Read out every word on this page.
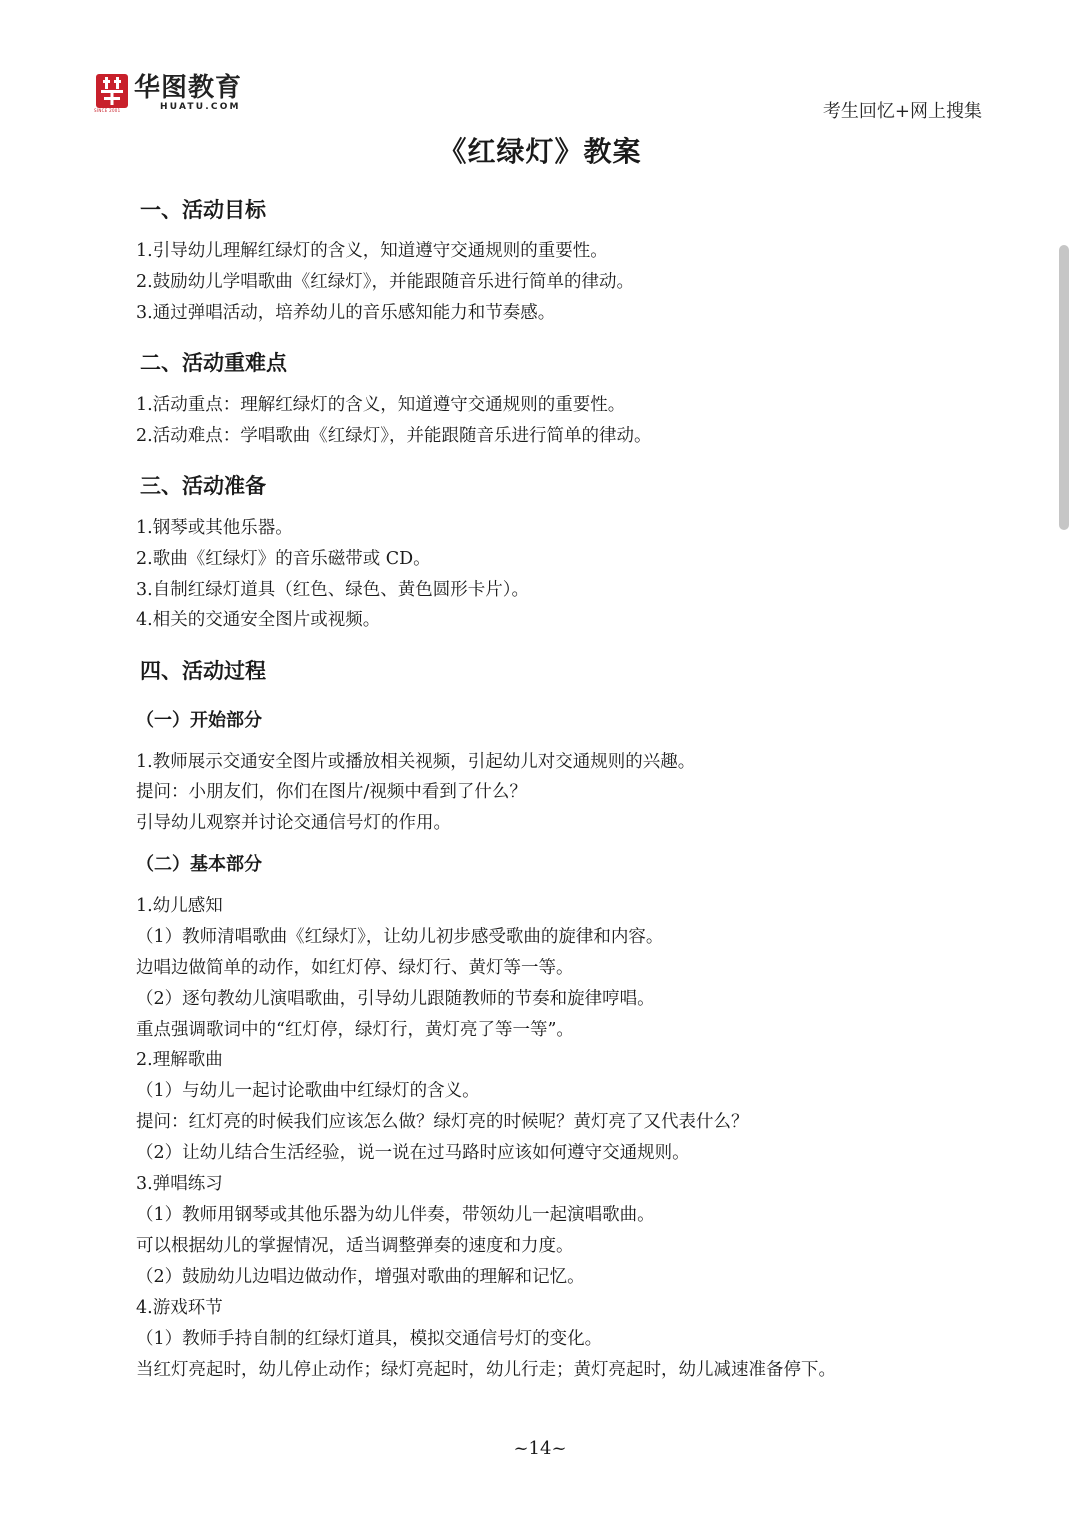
SINCE 2001
华图教育
HUATU.COM	考生回忆+网上搜集
《红绿灯》教案
一、活动目标
1.引导幼儿理解红绿灯的含义，知道遵守交通规则的重要性。
2.鼓励幼儿学唱歌曲《红绿灯》，并能跟随音乐进行简单的律动。
3.通过弹唱活动，培养幼儿的音乐感知能力和节奏感。
二、活动重难点
1.活动重点：理解红绿灯的含义，知道遵守交通规则的重要性。
2.活动难点：学唱歌曲《红绿灯》，并能跟随音乐进行简单的律动。
三、活动准备
1.钢琴或其他乐器。
2.歌曲《红绿灯》的音乐磁带或 CD。
3.自制红绿灯道具（红色、绿色、黄色圆形卡片）。
4.相关的交通安全图片或视频。
四、活动过程
（一）开始部分
1.教师展示交通安全图片或播放相关视频，引起幼儿对交通规则的兴趣。
提问：小朋友们，你们在图片/视频中看到了什么？
引导幼儿观察并讨论交通信号灯的作用。
（二）基本部分
1.幼儿感知
（1）教师清唱歌曲《红绿灯》，让幼儿初步感受歌曲的旋律和内容。
边唱边做简单的动作，如红灯停、绿灯行、黄灯等一等。
（2）逐句教幼儿演唱歌曲，引导幼儿跟随教师的节奏和旋律哼唱。
重点强调歌词中的“红灯停，绿灯行，黄灯亮了等一等”。
2.理解歌曲
（1）与幼儿一起讨论歌曲中红绿灯的含义。
提问：红灯亮的时候我们应该怎么做？绿灯亮的时候呢？黄灯亮了又代表什么？
（2）让幼儿结合生活经验，说一说在过马路时应该如何遵守交通规则。
3.弹唱练习
（1）教师用钢琴或其他乐器为幼儿伴奏，带领幼儿一起演唱歌曲。
可以根据幼儿的掌握情况，适当调整弹奏的速度和力度。
（2）鼓励幼儿边唱边做动作，增强对歌曲的理解和记忆。
4.游戏环节
（1）教师手持自制的红绿灯道具，模拟交通信号灯的变化。
当红灯亮起时，幼儿停止动作；绿灯亮起时，幼儿行走；黄灯亮起时，幼儿减速准备停下。
~14~
